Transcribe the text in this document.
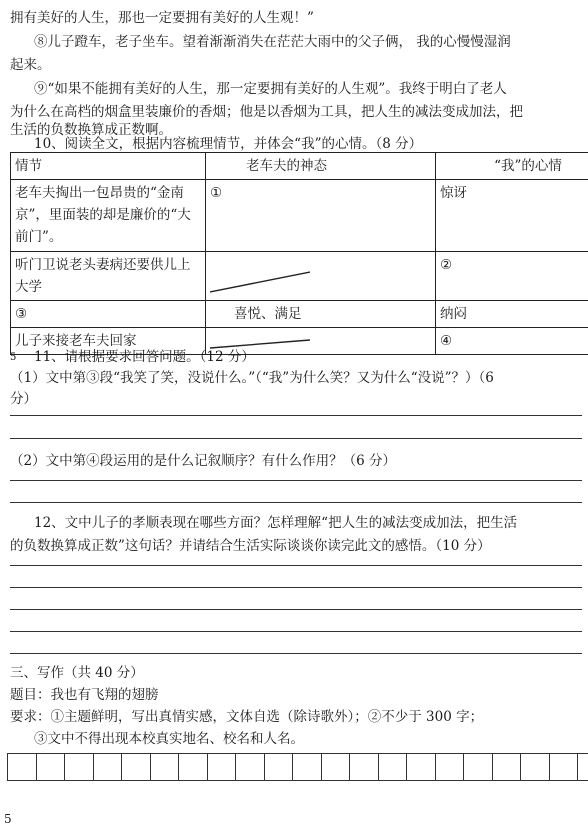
拥有美好的人生，那也一定要拥有美好的人生观！”
⑧儿子蹬车，老子坐车。望着渐渐消失在茫茫大雨中的父子俩， 我的心慢慢湿润
起来。
⑨“如果不能拥有美好的人生，那一定要拥有美好的人生观”。我终于明白了老人
为什么在高档的烟盒里装廉价的香烟；他是以香烟为工具，把人生的减法变成加法，把
生活的负数换算成正数啊。
10、阅读全文，根据内容梳理情节，并体会“我”的心情。（8 分）
情节	老车夫的神态	“我”的心情
老车夫掏出一包昂贵的“金南京”，里面装的却是廉价的“大前门”。	①	惊讶
听门卫说老头妻病还要供儿上大学		②
③	喜悦、满足	纳闷
儿子来接老车夫回家		④
5 11、请根据要求回答问题。（12 分）
（1）文中第③段“我笑了笑，没说什么。”（“我”为什么笑？又为什么“没说”？）（6
分）
（2）文中第④段运用的是什么记叙顺序？有什么作用？（6 分）
12、文中儿子的孝顺表现在哪些方面？怎样理解“把人生的减法变成加法，把生活
的负数换算成正数”这句话？并请结合生活实际谈谈你读完此文的感悟。（10 分）
三、写作（共 40 分）
题目：我也有飞翔的翅膀
要求：①主题鲜明，写出真情实感，文体自选（除诗歌外）；②不少于 300 字；
③文中不得出现本校真实地名、校名和人名。
5
